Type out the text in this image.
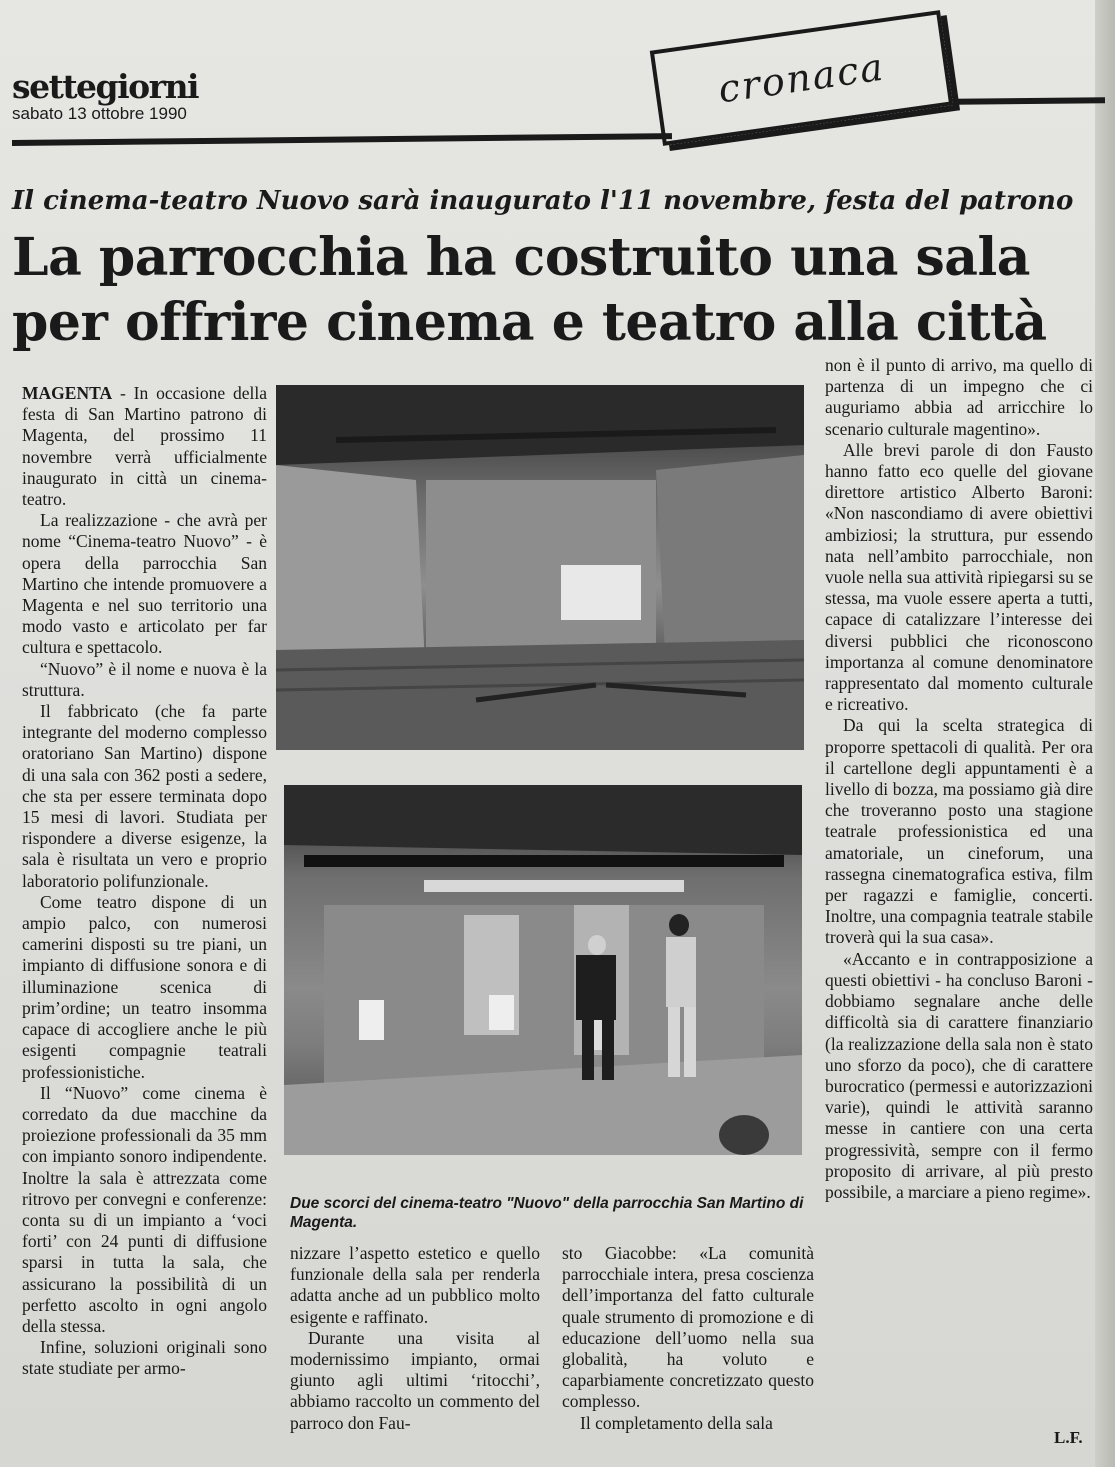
settegiorni
sabato 13 ottobre 1990
cronaca
Il cinema-teatro Nuovo sarà inaugurato l'11 novembre, festa del patrono
La parrocchia ha costruito una sala
per offrire cinema e teatro alla città

MAGENTA - In occasione della festa di San Martino patrono di Magenta, del prossimo 11 novembre verrà ufficialmente inaugurato in città un cinema-teatro.

La realizzazione - che avrà per nome “Cinema-teatro Nuovo” - è opera della parrocchia San Martino che intende promuovere a Magenta e nel suo territorio una modo vasto e articolato per far cultura e spettacolo.

“Nuovo” è il nome e nuova è la struttura.

Il fabbricato (che fa parte integrante del moderno complesso oratoriano San Martino) dispone di una sala con 362 posti a sedere, che sta per essere terminata dopo 15 mesi di lavori. Studiata per rispondere a diverse esigenze, la sala è risultata un vero e proprio laboratorio polifunzionale.

Come teatro dispone di un ampio palco, con numerosi camerini disposti su tre piani, un impianto di diffusione sonora e di illuminazione scenica di prim’ordine; un teatro insomma capace di accogliere anche le più esigenti compagnie teatrali professionistiche.

Il “Nuovo” come cinema è corredato da due macchine da proiezione professionali da 35 mm con impianto sonoro indipendente. Inoltre la sala è attrezzata come ritrovo per convegni e conferenze: conta su di un impianto a ‘voci forti’ con 24 punti di diffusione sparsi in tutta la sala, che assicurano la possibilità di un perfetto ascolto in ogni angolo della stessa.

Infine, soluzioni originali sono state studiate per armo-

Due scorci del cinema-teatro "Nuovo" della parrocchia San Martino di Magenta.

nizzare l’aspetto estetico e quello funzionale della sala per renderla adatta anche ad un pubblico molto esigente e raffinato.

Durante una visita al modernissimo impianto, ormai giunto agli ultimi ‘ritocchi’, abbiamo raccolto un commento del parroco don Fau-

sto Giacobbe: «La comunità parrocchiale intera, presa coscienza dell’importanza del fatto culturale quale strumento di promozione e di educazione dell’uomo nella sua globalità, ha voluto e caparbiamente concretizzato questo complesso.

Il completamento della sala

non è il punto di arrivo, ma quello di partenza di un impegno che ci auguriamo abbia ad arricchire lo scenario culturale magentino».

Alle brevi parole di don Fausto hanno fatto eco quelle del giovane direttore artistico Alberto Baroni: «Non nascondiamo di avere obiettivi ambiziosi; la struttura, pur essendo nata nell’ambito parrocchiale, non vuole nella sua attività ripiegarsi su se stessa, ma vuole essere aperta a tutti, capace di catalizzare l’interesse dei diversi pubblici che riconoscono importanza al comune denominatore rappresentato dal momento culturale e ricreativo.

Da qui la scelta strategica di proporre spettacoli di qualità. Per ora il cartellone degli appuntamenti è a livello di bozza, ma possiamo già dire che troveranno posto una stagione teatrale professionistica ed una amatoriale, un cineforum, una rassegna cinematografica estiva, film per ragazzi e famiglie, concerti. Inoltre, una compagnia teatrale stabile troverà qui la sua casa».

«Accanto e in contrapposizione a questi obiettivi - ha concluso Baroni - dobbiamo segnalare anche delle difficoltà sia di carattere finanziario (la realizzazione della sala non è stato uno sforzo da poco), che di carattere burocratico (permessi e autorizzazioni varie), quindi le attività saranno messe in cantiere con una certa progressività, sempre con il fermo proposito di arrivare, al più presto possibile, a marciare a pieno regime».

L.F.
